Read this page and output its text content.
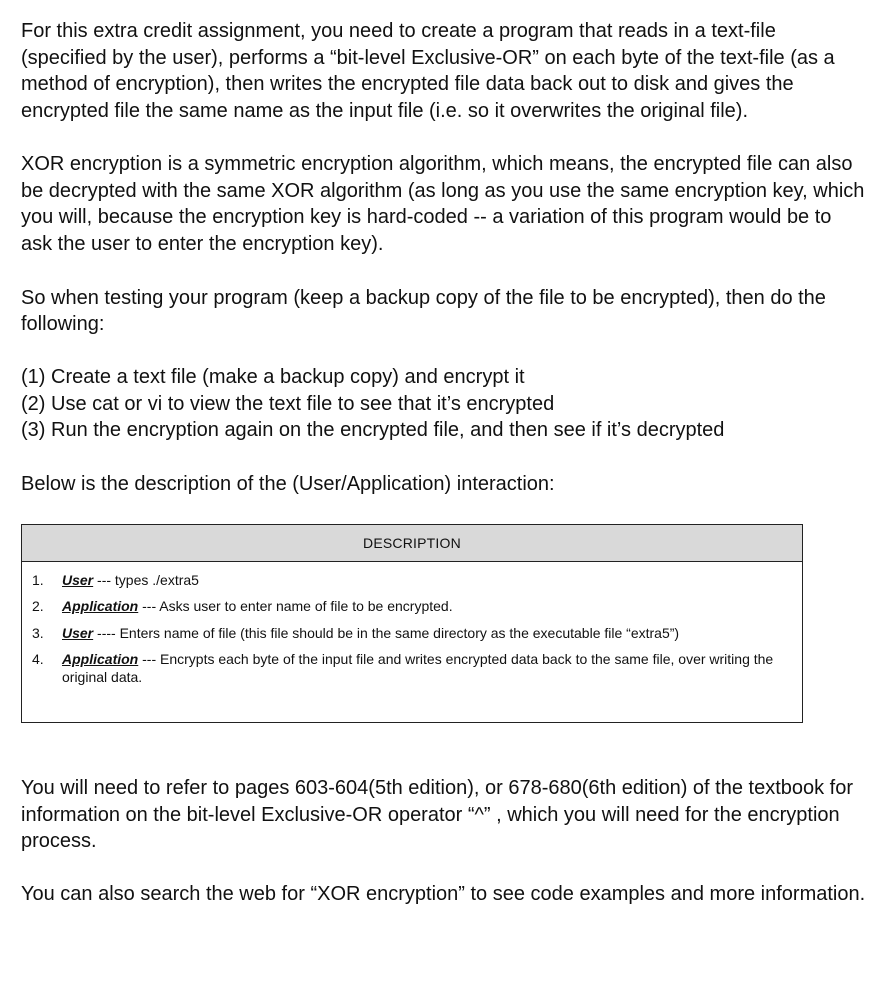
For this extra credit assignment, you need to create a program that reads in a text-file (specified by the user), performs a “bit-level Exclusive-OR” on each byte of the text-file (as a method of encryption), then writes the encrypted file data back out to disk and gives the encrypted file the same name as the input file (i.e. so it overwrites the original file).

XOR encryption is a symmetric encryption algorithm, which means, the encrypted file can also be decrypted with the same XOR algorithm (as long as you use the same encryption key, which you will, because the encryption key is hard-coded -- a variation of this program would be to ask the user to enter the encryption key).

So when testing your program (keep a backup copy of the file to be encrypted), then do the following:

(1) Create a text file (make a backup copy) and encrypt it

(2) Use cat or vi to view the text file to see that it’s encrypted

(3) Run the encryption again on the encrypted file, and then see if it’s decrypted

Below is the description of the (User/Application) interaction:

DESCRIPTION
1.	User --- types ./extra5
2.	Application --- Asks user to enter name of file to be encrypted.
3.	User ---- Enters name of file (this file should be in the same directory as the executable file “extra5”)
4.	Application --- Encrypts each byte of the input file and writes encrypted data back to the same file, over writing the original data.

You will need to refer to pages 603-604(5th edition), or 678-680(6th edition) of the textbook for information on the bit-level Exclusive-OR operator “^” , which you will need for the encryption process.

You can also search the web for “XOR encryption” to see code examples and more information.
